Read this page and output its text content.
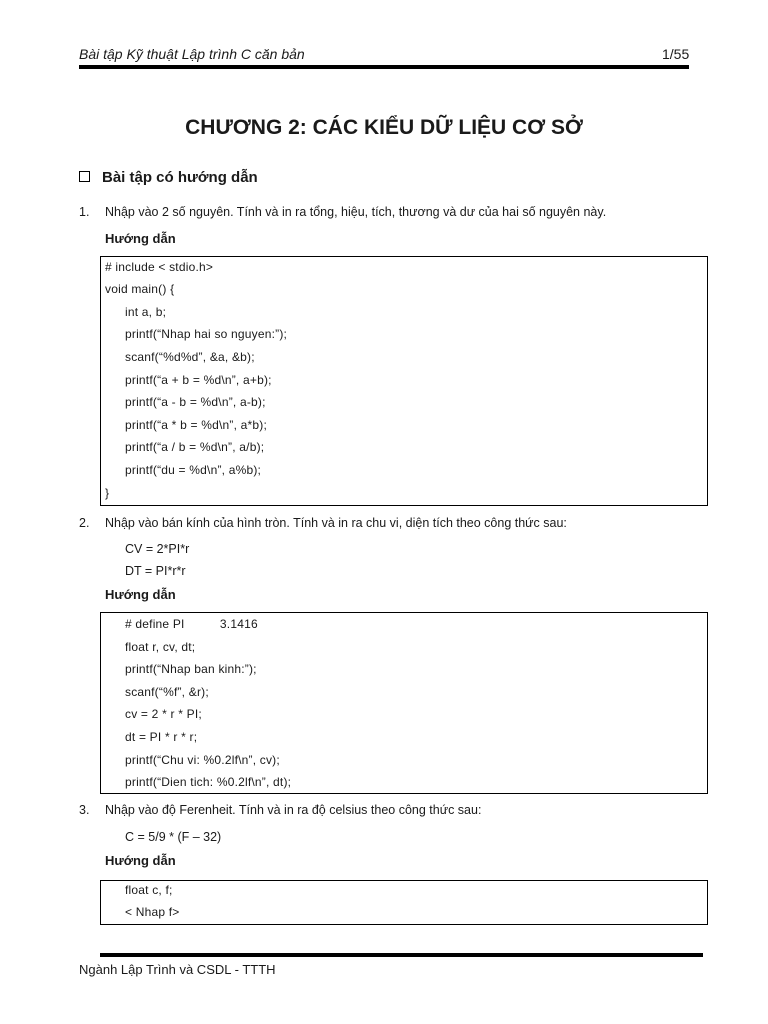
Bài tập Kỹ thuật Lập trình C căn bản	1/55
CHƯƠNG 2: CÁC KIỂU DỮ LIỆU CƠ SỞ
Bài tập có hướng dẫn
1. Nhập vào 2 số nguyên. Tính và in ra tổng, hiệu, tích, thương và dư của hai số nguyên này.
Hướng dẫn
# include < stdio.h>
void main() {
int a, b;
printf(“Nhap hai so nguyen:”);
scanf(“%d%d”, &a, &b);
printf(“a + b = %d\n”, a+b);
printf(“a - b = %d\n”, a-b);
printf(“a * b = %d\n”, a*b);
printf(“a / b = %d\n”, a/b);
printf(“du = %d\n”, a%b);
}
2. Nhập vào bán kính của hình tròn. Tính và in ra chu vi, diện tích theo công thức sau:
CV = 2*PI*r
DT = PI*r*r
Hướng dẫn
# define PI          3.1416
float r, cv, dt;
printf(“Nhap ban kinh:”);
scanf(“%f”, &r);
cv = 2 * r * PI;
dt = PI * r * r;
printf(“Chu vi: %0.2lf\n”, cv);
printf(“Dien tich: %0.2lf\n”, dt);
3. Nhập vào độ Ferenheit. Tính và in ra độ celsius theo công thức sau:
C = 5/9 * (F – 32)
Hướng dẫn
float c, f;
< Nhap f>
Ngành Lập Trình và CSDL - TTTH
